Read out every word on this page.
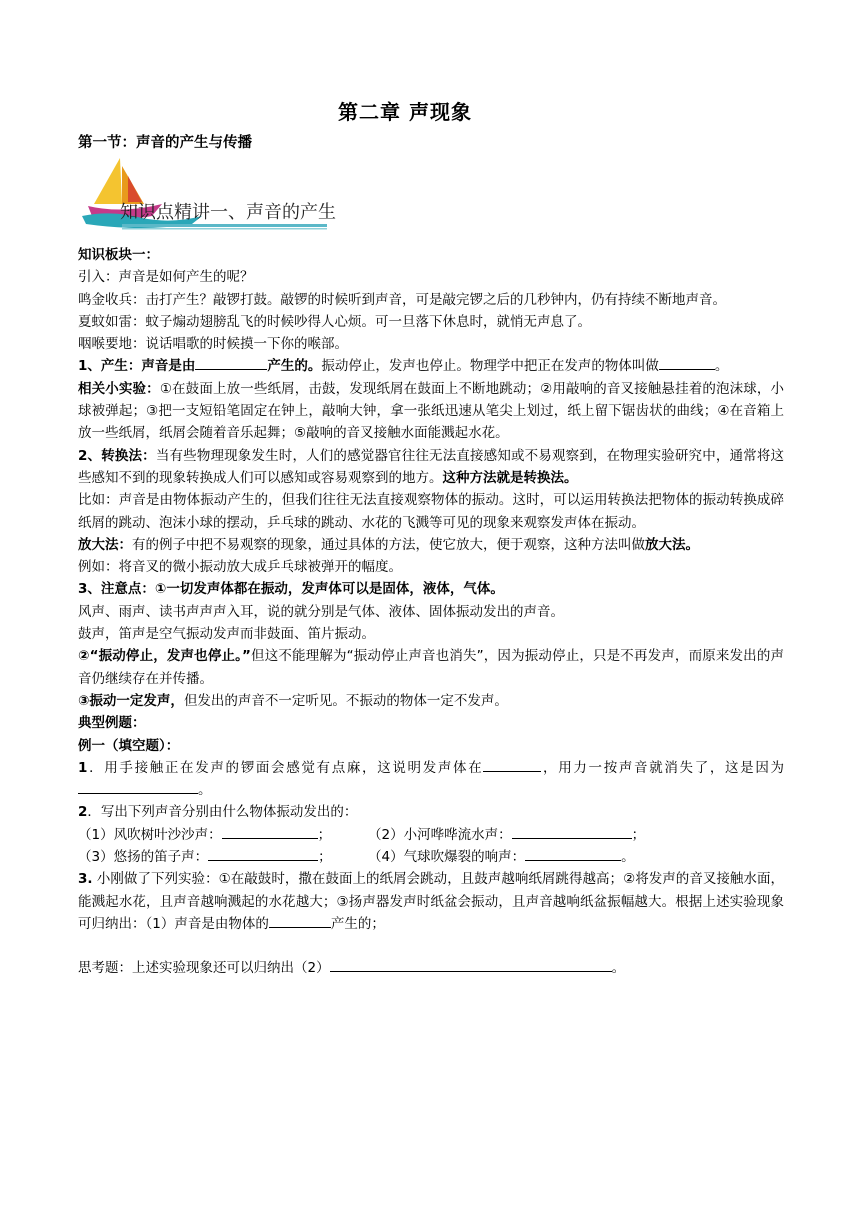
第二章 声现象
第一节：声音的产生与传播
知识点精讲一、声音的产生

知识板块一：

引入：声音是如何产生的呢？

鸣金收兵：击打产生？敲锣打鼓。敲锣的时候听到声音，可是敲完锣之后的几秒钟内，仍有持续不断地声音。

夏蚊如雷：蚊子煽动翅膀乱飞的时候吵得人心烦。可一旦落下休息时，就悄无声息了。

咽喉要地：说话唱歌的时候摸一下你的喉部。

1、产生：声音是由	产生的。振动停止，发声也停止。物理学中把正在发声的物体叫做	。

相关小实验：①在鼓面上放一些纸屑，击鼓，发现纸屑在鼓面上不断地跳动；②用敲响的音叉接触悬挂着的泡沫球，小球被弹起；③把一支短铅笔固定在钟上，敲响大钟，拿一张纸迅速从笔尖上划过，纸上留下锯齿状的曲线；④在音箱上放一些纸屑，纸屑会随着音乐起舞；⑤敲响的音叉接触水面能溅起水花。

2、转换法：当有些物理现象发生时，人们的感觉器官往往无法直接感知或不易观察到，在物理实验研究中，通常将这些感知不到的现象转换成人们可以感知或容易观察到的地方。这种方法就是转换法。

比如：声音是由物体振动产生的，但我们往往无法直接观察物体的振动。这时，可以运用转换法把物体的振动转换成碎纸屑的跳动、泡沫小球的摆动，乒乓球的跳动、水花的飞溅等可见的现象来观察发声体在振动。

放大法：有的例子中把不易观察的现象，通过具体的方法，使它放大，便于观察，这种方法叫做放大法。

例如：将音叉的微小振动放大成乒乓球被弹开的幅度。

3、注意点：①一切发声体都在振动，发声体可以是固体，液体，气体。

风声、雨声、读书声声声入耳，说的就分别是气体、液体、固体振动发出的声音。

鼓声，笛声是空气振动发声而非鼓面、笛片振动。

②“振动停止，发声也停止。”但这不能理解为“振动停止声音也消失”，因为振动停止，只是不再发声，而原来发出的声音仍继续存在并传播。

③振动一定发声，但发出的声音不一定听见。不振动的物体一定不发声。

典型例题：

例一（填空题）：

1．用手接触正在发声的锣面会感觉有点麻，这说明发声体在	，用力一按声音就消失了，这是因为。

2．写出下列声音分别由什么物体振动发出的：

（1）风吹树叶沙沙声：	；	（2）小河哗哗流水声：	；
（3）悠扬的笛子声：	；	（4）气球吹爆裂的响声：	。

3. 小刚做了下列实验：①在敲鼓时，撒在鼓面上的纸屑会跳动，且鼓声越响纸屑跳得越高；②将发声的音叉接触水面，能溅起水花，且声音越响溅起的水花越大；③扬声器发声时纸盆会振动，且声音越响纸盆振幅越大。根据上述实验现象可归纳出：（1）声音是由物体的	产生的；

思考题：上述实验现象还可以归纳出（2）	。
